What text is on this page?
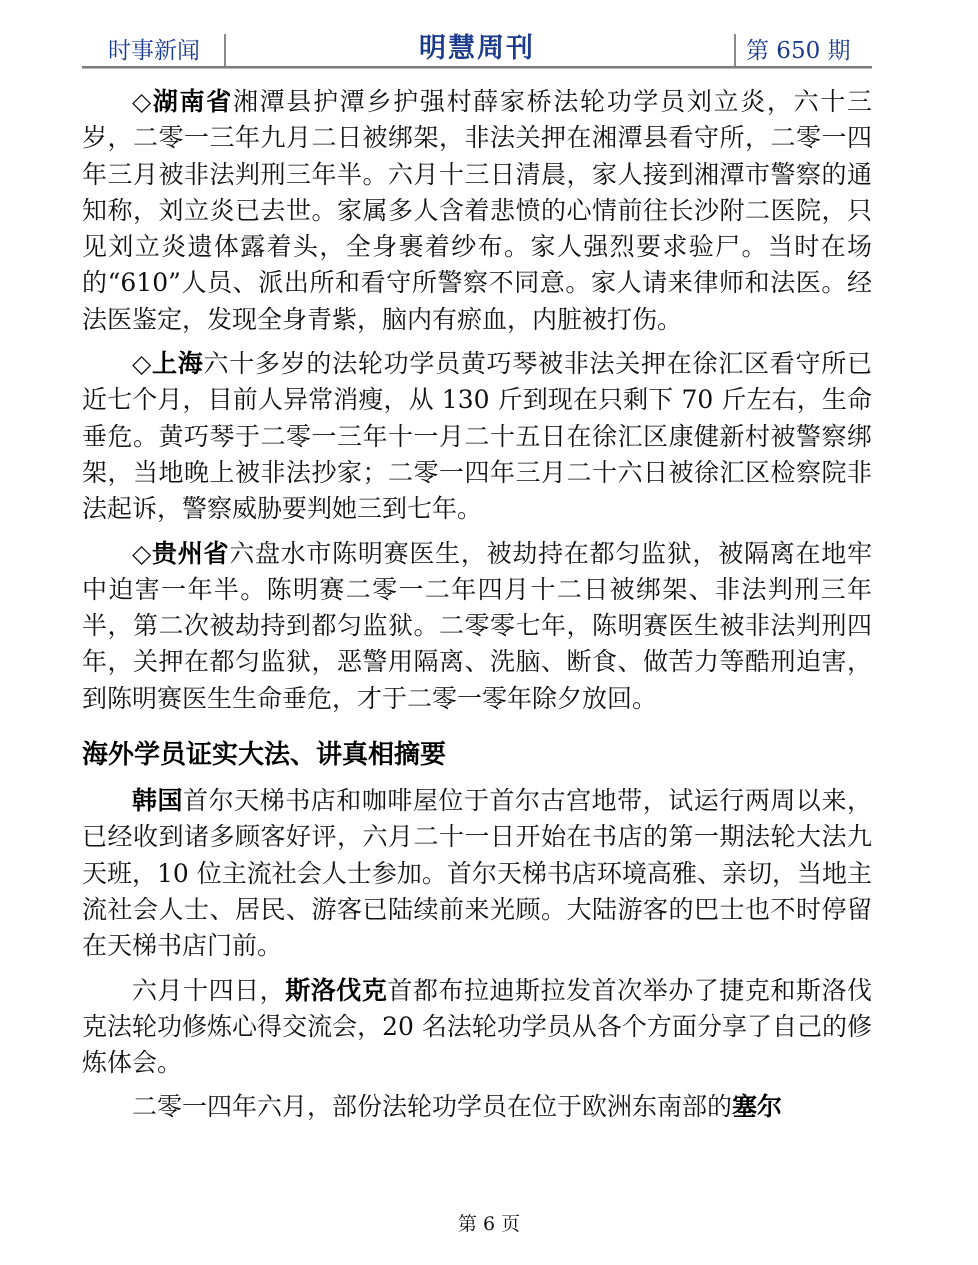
时事新闻	明慧周刊	第 650 期

◇湖南省湘潭县护潭乡护强村薛家桥法轮功学员刘立炎，六十三岁，二零一三年九月二日被绑架，非法关押在湘潭县看守所，二零一四年三月被非法判刑三年半。六月十三日清晨，家人接到湘潭市警察的通知称，刘立炎已去世。家属多人含着悲愤的心情前往长沙附二医院，只见刘立炎遗体露着头，全身裹着纱布。家人强烈要求验尸。当时在场的“610”人员、派出所和看守所警察不同意。家人请来律师和法医。经法医鉴定，发现全身青紫，脑内有瘀血，内脏被打伤。

◇上海六十多岁的法轮功学员黄巧琴被非法关押在徐汇区看守所已近七个月，目前人异常消瘦，从 130 斤到现在只剩下 70 斤左右，生命垂危。黄巧琴于二零一三年十一月二十五日在徐汇区康健新村被警察绑架，当地晚上被非法抄家；二零一四年三月二十六日被徐汇区检察院非法起诉，警察威胁要判她三到七年。

◇贵州省六盘水市陈明赛医生，被劫持在都匀监狱，被隔离在地牢中迫害一年半。陈明赛二零一二年四月十二日被绑架、非法判刑三年半，第二次被劫持到都匀监狱。二零零七年，陈明赛医生被非法判刑四年，关押在都匀监狱，恶警用隔离、洗脑、断食、做苦力等酷刑迫害，到陈明赛医生生命垂危，才于二零一零年除夕放回。

海外学员证实大法、讲真相摘要

韩国首尔天梯书店和咖啡屋位于首尔古宫地带，试运行两周以来，已经收到诸多顾客好评，六月二十一日开始在书店的第一期法轮大法九天班，10 位主流社会人士参加。首尔天梯书店环境高雅、亲切，当地主流社会人士、居民、游客已陆续前来光顾。大陆游客的巴士也不时停留在天梯书店门前。

六月十四日，斯洛伐克首都布拉迪斯拉发首次举办了捷克和斯洛伐克法轮功修炼心得交流会，20 名法轮功学员从各个方面分享了自己的修炼体会。

二零一四年六月，部份法轮功学员在位于欧洲东南部的塞尔

第 6 页
